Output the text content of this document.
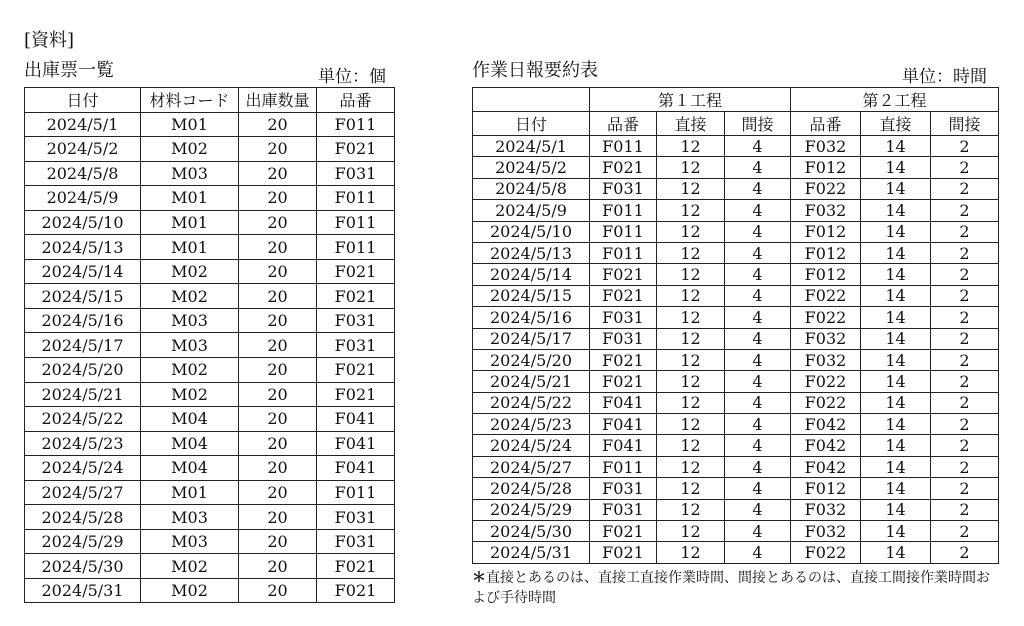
[資料]
出庫票一覧	単位：個	作業日報要約表	単位：時間
日付	材料コード	出庫数量	品番
2024/5/1	M01	20	F011
2024/5/2	M02	20	F021
2024/5/8	M03	20	F031
2024/5/9	M01	20	F011
2024/5/10	M01	20	F011
2024/5/13	M01	20	F011
2024/5/14	M02	20	F021
2024/5/15	M02	20	F021
2024/5/16	M03	20	F031
2024/5/17	M03	20	F031
2024/5/20	M02	20	F021
2024/5/21	M02	20	F021
2024/5/22	M04	20	F041
2024/5/23	M04	20	F041
2024/5/24	M04	20	F041
2024/5/27	M01	20	F011
2024/5/28	M03	20	F031
2024/5/29	M03	20	F031
2024/5/30	M02	20	F021
2024/5/31	M02	20	F021
	第１工程			第２工程		
日付	品番	直接	間接	品番	直接	間接
2024/5/1	F011	12	4	F032	14	2
2024/5/2	F021	12	4	F012	14	2
2024/5/8	F031	12	4	F022	14	2
2024/5/9	F011	12	4	F032	14	2
2024/5/10	F011	12	4	F012	14	2
2024/5/13	F011	12	4	F012	14	2
2024/5/14	F021	12	4	F012	14	2
2024/5/15	F021	12	4	F022	14	2
2024/5/16	F031	12	4	F022	14	2
2024/5/17	F031	12	4	F032	14	2
2024/5/20	F021	12	4	F032	14	2
2024/5/21	F021	12	4	F022	14	2
2024/5/22	F041	12	4	F022	14	2
2024/5/23	F041	12	4	F042	14	2
2024/5/24	F041	12	4	F042	14	2
2024/5/27	F011	12	4	F042	14	2
2024/5/28	F031	12	4	F012	14	2
2024/5/29	F031	12	4	F032	14	2
2024/5/30	F021	12	4	F032	14	2
2024/5/31	F021	12	4	F022	14	2
＊直接とあるのは、直接工直接作業時間、間接とあるのは、直接工間接作業時間および手待時間
